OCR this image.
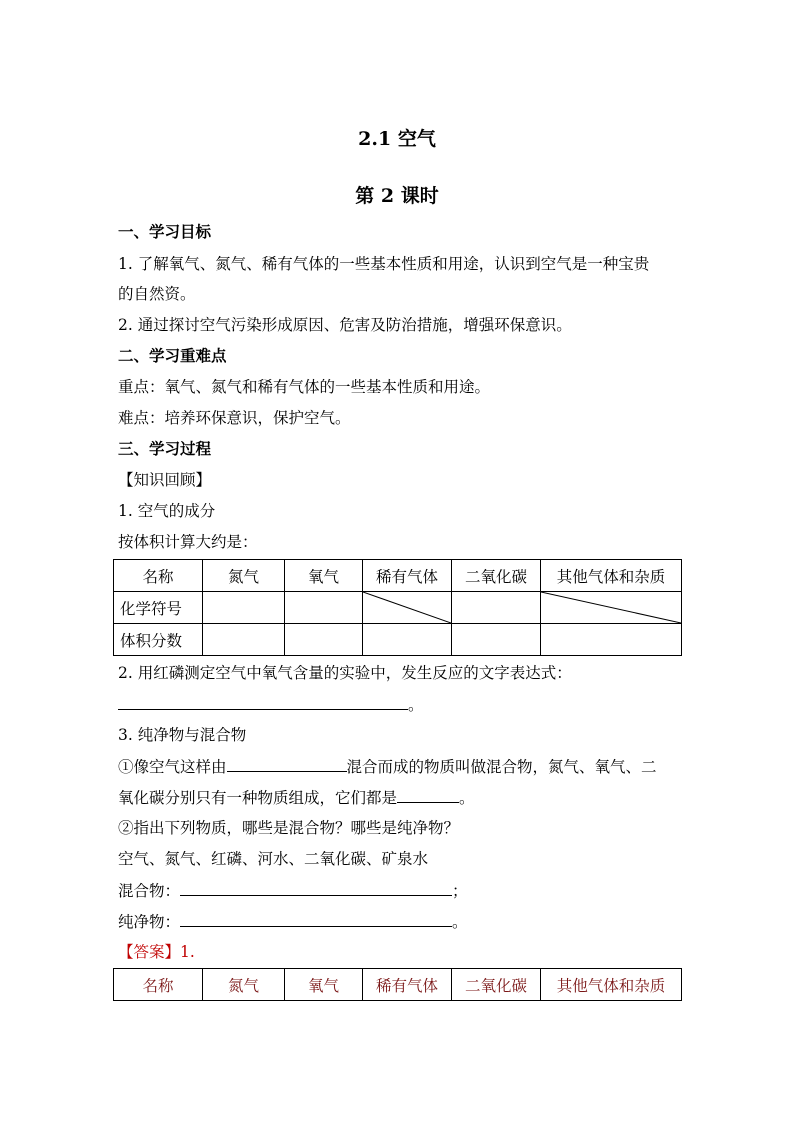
2.1 空气
第 2 课时
一、学习目标
1. 了解氧气、氮气、稀有气体的一些基本性质和用途，认识到空气是一种宝贵
的自然资。
2. 通过探讨空气污染形成原因、危害及防治措施，增强环保意识。
二、学习重难点
重点：氧气、氮气和稀有气体的一些基本性质和用途。
难点：培养环保意识，保护空气。
三、学习过程
【知识回顾】
1. 空气的成分
按体积计算大约是：
名称	氮气	氧气	稀有气体	二氧化碳	其他气体和杂质
化学符号			

体积分数					
2. 用红磷测定空气中氧气含量的实验中，发生反应的文字表达式：
。
3. 纯净物与混合物
①像空气这样由	混合而成的物质叫做混合物，氮气、氧气、二
氧化碳分别只有一种物质组成，它们都是	。
②指出下列物质，哪些是混合物？哪些是纯净物？
空气、氮气、红磷、河水、二氧化碳、矿泉水
混合物：	；
纯净物：	。
【答案】1.
名称	氮气	氧气	稀有气体	二氧化碳	其他气体和杂质
